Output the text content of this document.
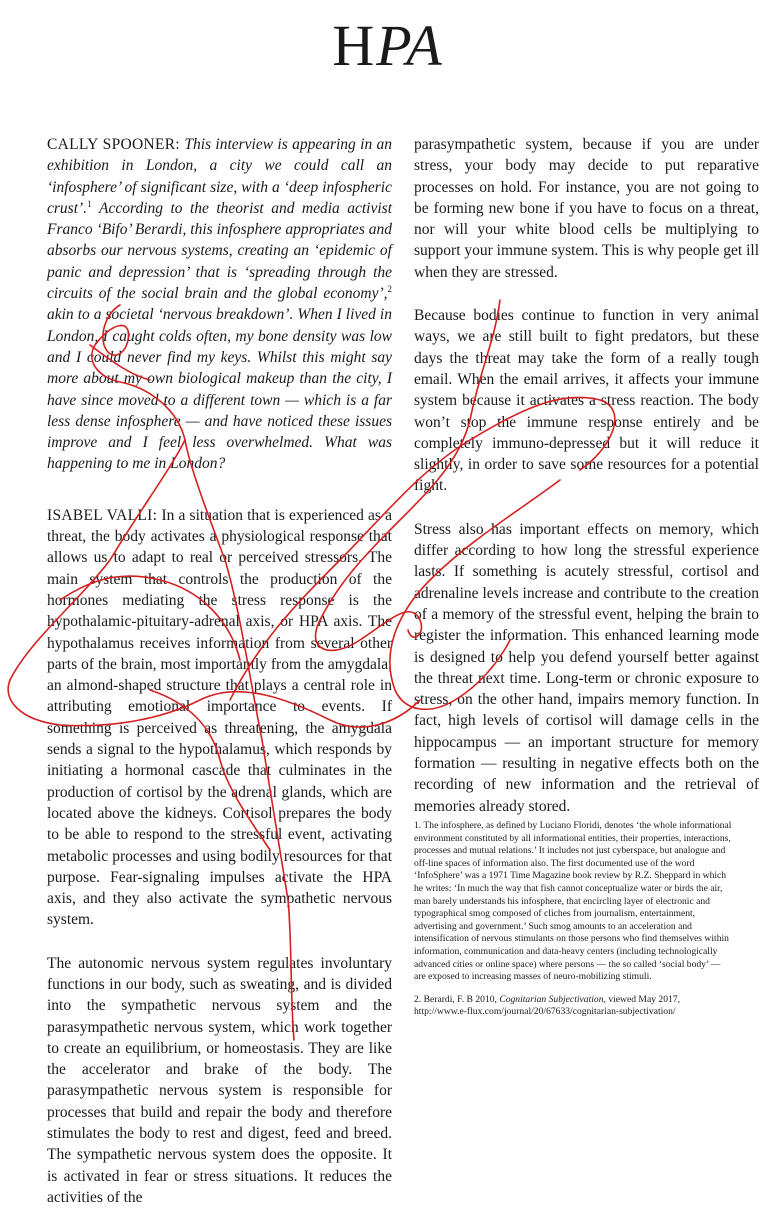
HPA

CALLY SPOONER: This interview is appearing in an exhibition in London, a city we could call an ‘infosphere’ of significant size, with a ‘deep infospheric crust’.$^1$ According to the theorist and media activist Franco ‘Bifo’ Berardi, this infosphere appropriates and absorbs our nervous systems, creating an ‘epidemic of panic and depression’ that is ‘spreading through the circuits of the social brain and the global economy’,$^2$ akin to a societal ‘nervous breakdown’. When I lived in London, I caught colds often, my bone density was low and I could never find my keys. Whilst this might say more about my own biological makeup than the city, I have since moved to a different town — which is a far less dense infosphere — and have noticed these issues improve and I feel less overwhelmed. What was happening to me in London?

ISABEL VALLI: In a situation that is experienced as a threat, the body activates a physiological response that allows us to adapt to real or perceived stressors. The main system that controls the production of the hormones mediating the stress response is the hypothalamic-pituitary-adrenal axis, or HPA axis. The hypothalamus receives information from several other parts of the brain, most importantly from the amygdala, an almond-shaped structure that plays a central role in attributing emotional importance to events. If something is perceived as threatening, the amygdala sends a signal to the hypothalamus, which responds by initiating a hormonal cascade that culminates in the production of cortisol by the adrenal glands, which are located above the kidneys. Cortisol prepares the body to be able to respond to the stressful event, activating metabolic processes and using bodily resources for that purpose. Fear-signaling impulses activate the HPA axis, and they also activate the sympathetic nervous system.

The autonomic nervous system regulates involuntary functions in our body, such as sweating, and is divided into the sympathetic nervous system and the parasympathetic nervous system, which work together to create an equilibrium, or homeostasis. They are like the accelerator and brake of the body. The parasympathetic nervous system is responsible for processes that build and repair the body and therefore stimulates the body to rest and digest, feed and breed. The sympathetic nervous system does the opposite. It is activated in fear or stress situations. It reduces the activities of the

parasympathetic system, because if you are under stress, your body may decide to put reparative processes on hold. For instance, you are not going to be forming new bone if you have to focus on a threat, nor will your white blood cells be multiplying to support your immune system. This is why people get ill when they are stressed.

Because bodies continue to function in very animal ways, we are still built to fight predators, but these days the threat may take the form of a really tough email. When the email arrives, it affects your immune system because it activates a stress reaction. The body won’t stop the immune response entirely and be completely immuno-depressed but it will reduce it slightly, in order to save some resources for a potential fight.

Stress also has important effects on memory, which differ according to how long the stressful experience lasts. If something is acutely stressful, cortisol and adrenaline levels increase and contribute to the creation of a memory of the stressful event, helping the brain to register the information. This enhanced learning mode is designed to help you defend yourself better against the threat next time. Long-term or chronic exposure to stress, on the other hand, impairs memory function. In fact, high levels of cortisol will damage cells in the hippocampus — an important structure for memory formation — resulting in negative effects both on the recording of new information and the retrieval of memories already stored.

1. The infosphere, as defined by Luciano Floridi, denotes ‘the whole informational environment constituted by all informational entities, their properties, interactions, processes and mutual relations.’ It includes not just cyberspace, but analogue and off-line spaces of information also. The first documented use of the word ‘InfoSphere’ was a 1971 Time Magazine book review by R.Z. Sheppard in which he writes: ‘In much the way that fish cannot conceptualize water or birds the air, man barely understands his infosphere, that encircling layer of electronic and typographical smog composed of cliches from journalism, entertainment, advertising and government.’ Such smog amounts to an acceleration and intensification of nervous stimulants on those persons who find themselves within information, communication and data-heavy centers (including technologically advanced cities or online space) where persons — the so called ‘social body’ — are exposed to increasing masses of neuro-mobilizing stimuli.

2. Berardi, F. B 2010, Cognitarian Subjectivation, viewed May 2017, http://www.e-flux.com/journal/20/67633/cognitarian-subjectivation/
